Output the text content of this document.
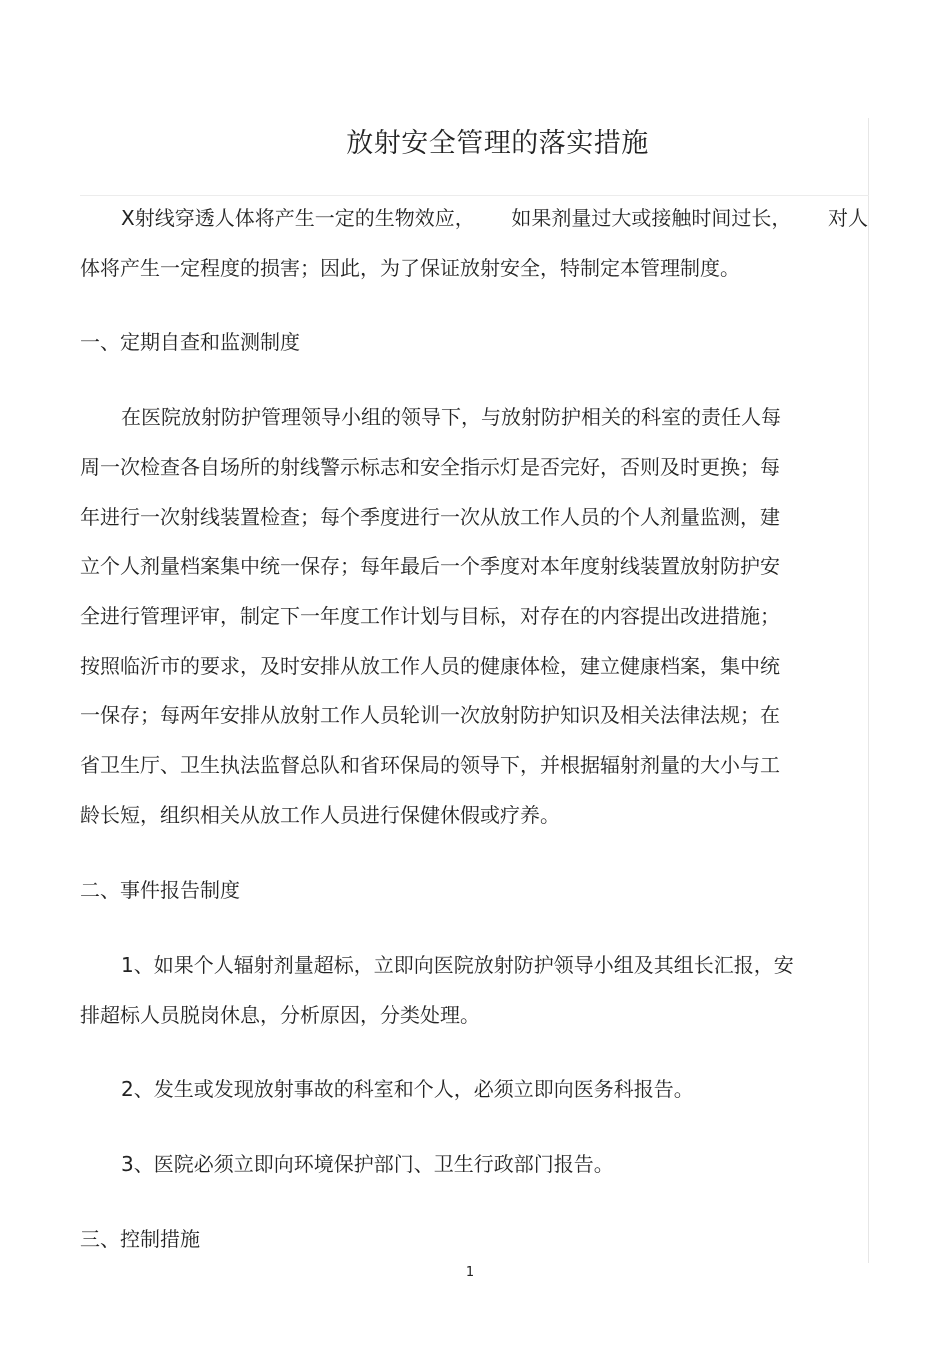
放射安全管理的落实措施
X射线穿透人体将产生一定的生物效应， 如果剂量过大或接触时间过长， 对人
体将产生一定程度的损害；因此，为了保证放射安全，特制定本管理制度。
一、定期自查和监测制度
在医院放射防护管理领导小组的领导下，与放射防护相关的科室的责任人每
周一次检查各自场所的射线警示标志和安全指示灯是否完好，否则及时更换；每
年进行一次射线装置检查；每个季度进行一次从放工作人员的个人剂量监测，建
立个人剂量档案集中统一保存；每年最后一个季度对本年度射线装置放射防护安
全进行管理评审，制定下一年度工作计划与目标，对存在的内容提出改进措施；
按照临沂市的要求，及时安排从放工作人员的健康体检，建立健康档案，集中统
一保存；每两年安排从放射工作人员轮训一次放射防护知识及相关法律法规；在
省卫生厅、卫生执法监督总队和省环保局的领导下，并根据辐射剂量的大小与工
龄长短，组织相关从放工作人员进行保健休假或疗养。
二、事件报告制度
1、如果个人辐射剂量超标，立即向医院放射防护领导小组及其组长汇报，安
排超标人员脱岗休息，分析原因，分类处理。
2、发生或发现放射事故的科室和个人，必须立即向医务科报告。
3、医院必须立即向环境保护部门、卫生行政部门报告。
三、控制措施
1
